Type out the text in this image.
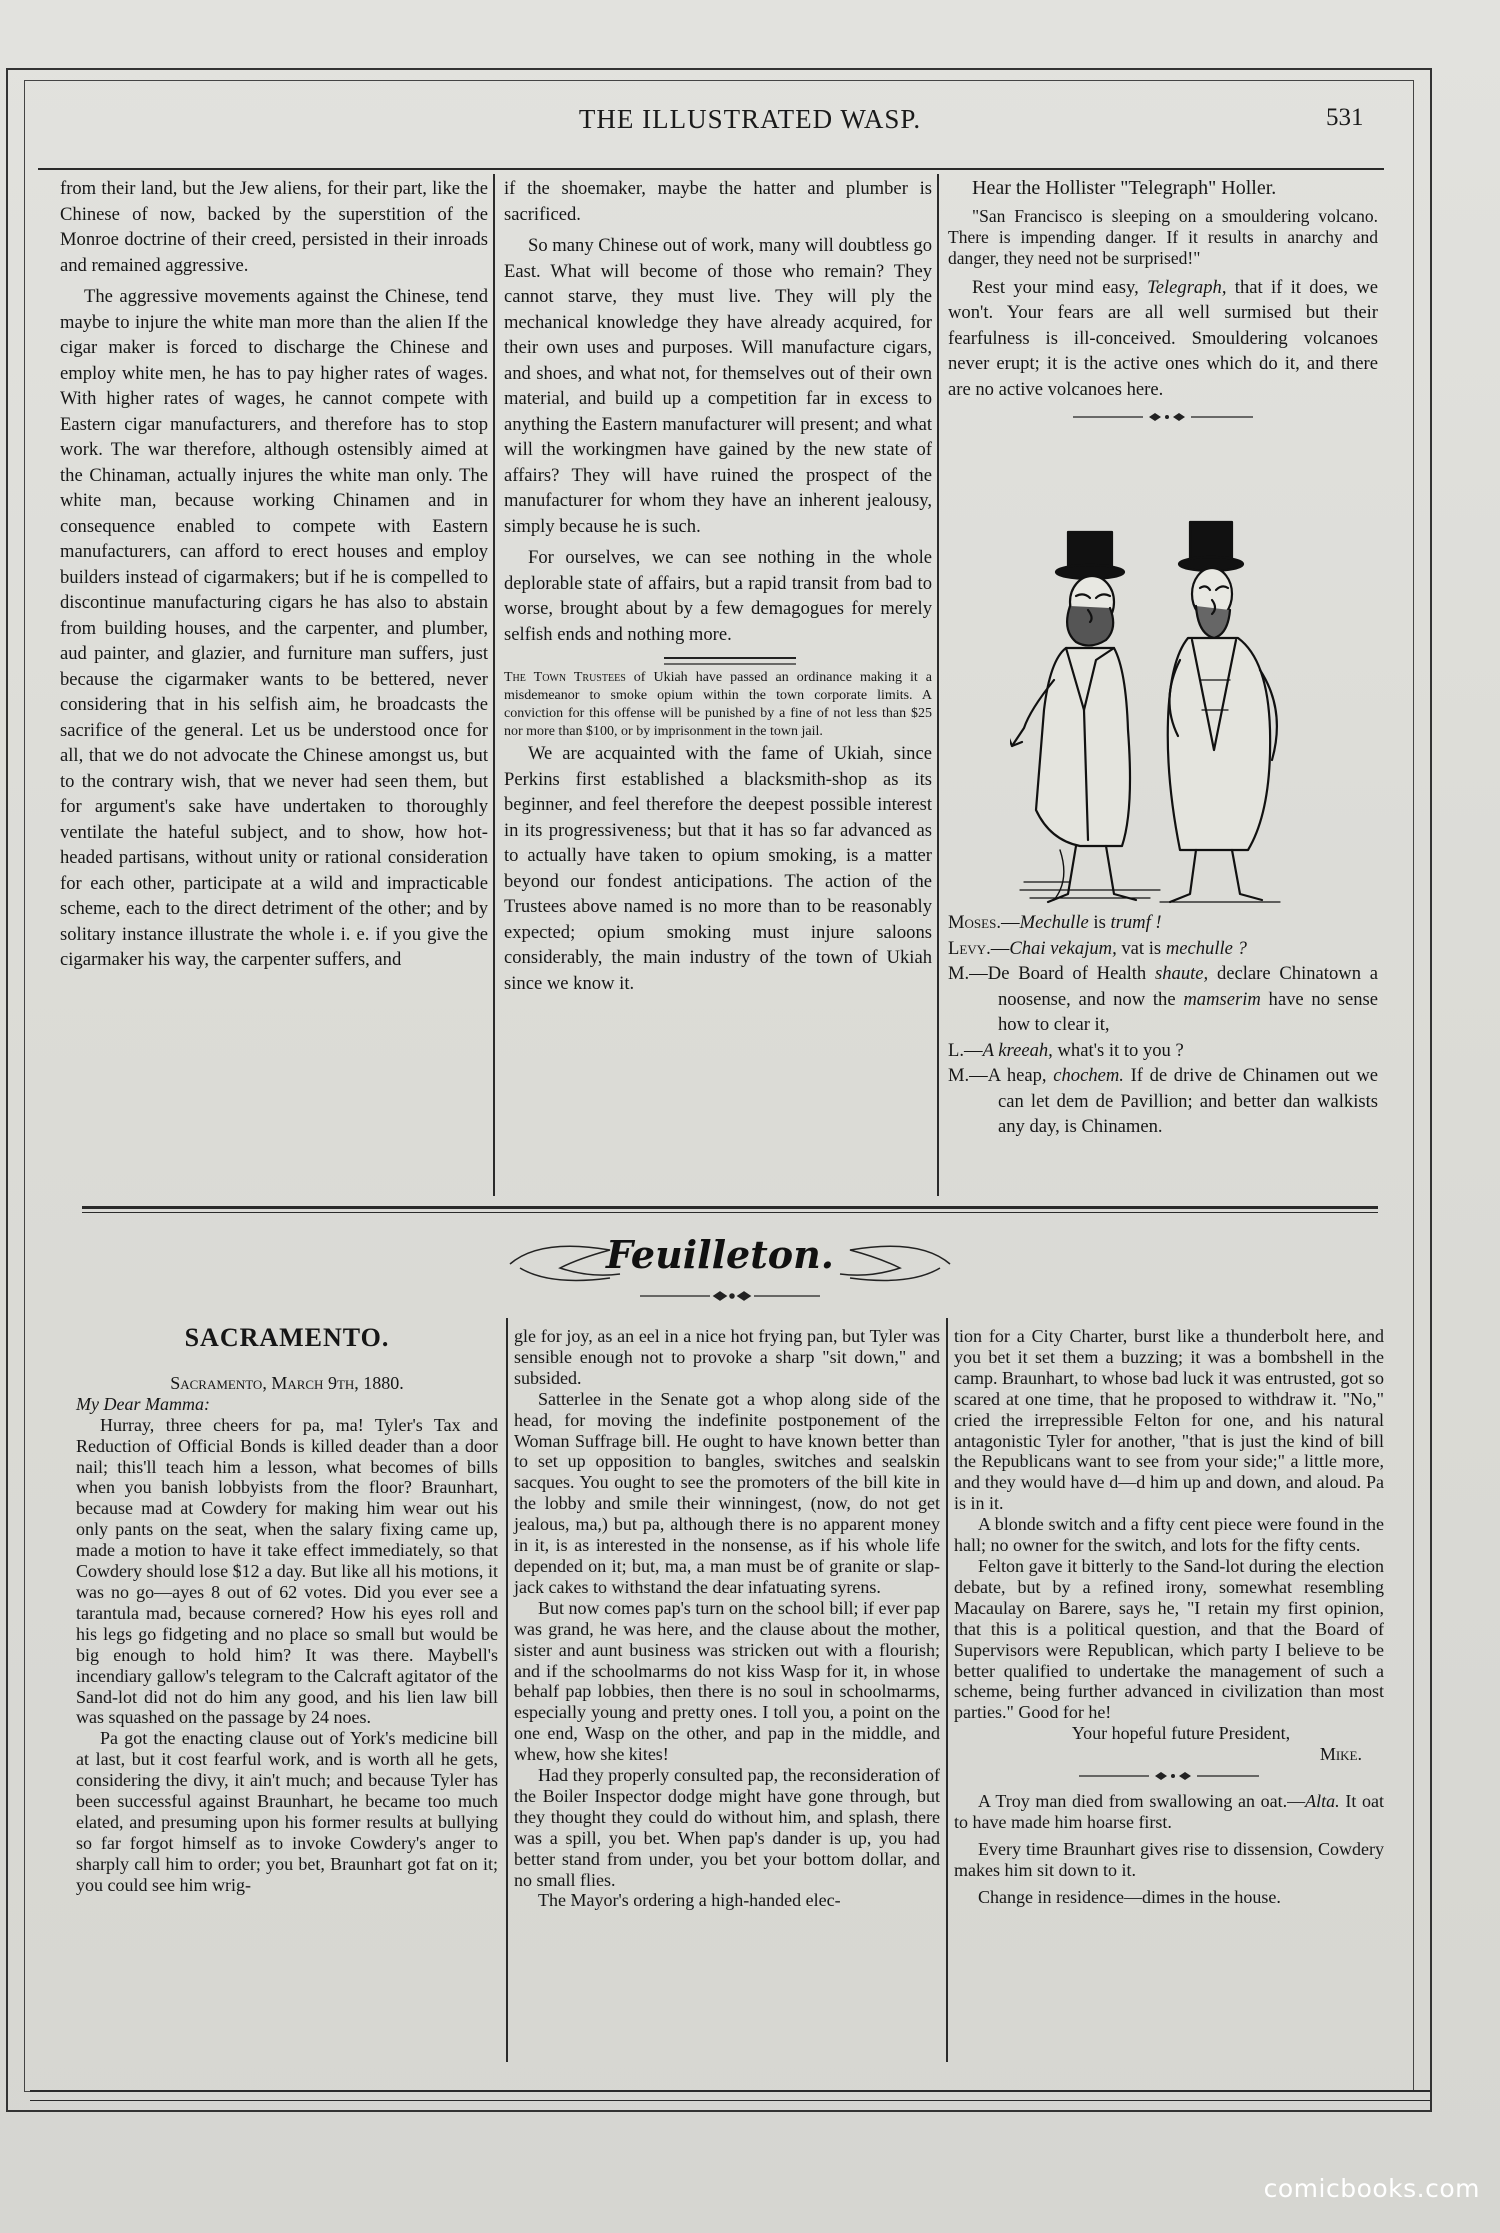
THE ILLUSTRATED WASP.	531

from their land, but the Jew aliens, for their part, like the Chinese of now, backed by the superstition of the Monroe doctrine of their creed, persisted in their inroads and remained aggressive.

The aggressive movements against the Chinese, tend maybe to injure the white man more than the alien If the cigar maker is forced to discharge the Chinese and employ white men, he has to pay higher rates of wages. With higher rates of wages, he cannot compete with Eastern cigar manufacturers, and therefore has to stop work. The war therefore, although ostensibly aimed at the Chinaman, actually injures the white man only. The white man, because working Chinamen and in consequence enabled to compete with Eastern manufacturers, can afford to erect houses and employ builders instead of cigarmakers; but if he is compelled to discontinue manufacturing cigars he has also to abstain from building houses, and the carpenter, and plumber, aud painter, and glazier, and furniture man suffers, just because the cigarmaker wants to be bettered, never considering that in his selfish aim, he broadcasts the sacrifice of the general. Let us be understood once for all, that we do not advocate the Chinese amongst us, but to the contrary wish, that we never had seen them, but for argument's sake have undertaken to thoroughly ventilate the hateful subject, and to show, how hot-headed partisans, without unity or rational consideration for each other, participate at a wild and impracticable scheme, each to the direct detriment of the other; and by solitary instance illustrate the whole i. e. if you give the cigarmaker his way, the carpenter suffers, and

if the shoemaker, maybe the hatter and plumber is sacrificed.

So many Chinese out of work, many will doubtless go East. What will become of those who remain? They cannot starve, they must live. They will ply the mechanical knowledge they have already acquired, for their own uses and purposes. Will manufacture cigars, and shoes, and what not, for themselves out of their own material, and build up a competition far in excess to anything the Eastern manufacturer will present; and what will the workingmen have gained by the new state of affairs? They will have ruined the prospect of the manufacturer for whom they have an inherent jealousy, simply because he is such.

For ourselves, we can see nothing in the whole deplorable state of affairs, but a rapid transit from bad to worse, brought about by a few demagogues for merely selfish ends and nothing more.

The Town Trustees of Ukiah have passed an ordinance making it a misdemeanor to smoke opium within the town corporate limits. A conviction for this offense will be punished by a fine of not less than $25 nor more than $100, or by imprisonment in the town jail.

We are acquainted with the fame of Ukiah, since Perkins first established a blacksmith-shop as its beginner, and feel therefore the deepest possible interest in its progressiveness; but that it has so far advanced as to actually have taken to opium smoking, is a matter beyond our fondest anticipations. The action of the Trustees above named is no more than to be reasonably expected; opium smoking must injure saloons considerably, the main industry of the town of Ukiah since we know it.

Hear the Hollister "Telegraph" Holler.

"San Francisco is sleeping on a smouldering volcano. There is impending danger. If it results in anarchy and danger, they need not be surprised!"

Rest your mind easy, Telegraph, that if it does, we won't. Your fears are all well surmised but their fearfulness is ill-conceived. Smouldering volcanoes never erupt; it is the active ones which do it, and there are no active volcanoes here.

Moses.—Mechulle is trumf !

Levy.—Chai vekajum, vat is mechulle ?

M.—De Board of Health shaute, declare Chinatown a noosense, and now the mamserim have no sense how to clear it,

L.—A kreeah, what's it to you ?

M.—A heap, chochem. If de drive de Chinamen out we can let dem de Pavillion; and better dan walkists any day, is Chinamen.

Feuilleton.
SACRAMENTO.

Sacramento, March 9th, 1880.

My Dear Mamma:

Hurray, three cheers for pa, ma! Tyler's Tax and Reduction of Official Bonds is killed deader than a door nail; this'll teach him a lesson, what becomes of bills when you banish lobbyists from the floor? Braunhart, because mad at Cowdery for making him wear out his only pants on the seat, when the salary fixing came up, made a motion to have it take effect immediately, so that Cowdery should lose $12 a day. But like all his motions, it was no go—ayes 8 out of 62 votes. Did you ever see a tarantula mad, because cornered? How his eyes roll and his legs go fidgeting and no place so small but would be big enough to hold him? It was there. Maybell's incendiary gallow's telegram to the Calcraft agitator of the Sand-lot did not do him any good, and his lien law bill was squashed on the passage by 24 noes.

Pa got the enacting clause out of York's medicine bill at last, but it cost fearful work, and is worth all he gets, considering the divy, it ain't much; and because Tyler has been successful against Braunhart, he became too much elated, and presuming upon his former results at bullying so far forgot himself as to invoke Cowdery's anger to sharply call him to order; you bet, Braunhart got fat on it; you could see him wrig-

gle for joy, as an eel in a nice hot frying pan, but Tyler was sensible enough not to provoke a sharp "sit down," and subsided.

Satterlee in the Senate got a whop along side of the head, for moving the indefinite postponement of the Woman Suffrage bill. He ought to have known better than to set up opposition to bangles, switches and sealskin sacques. You ought to see the promoters of the bill kite in the lobby and smile their winningest, (now, do not get jealous, ma,) but pa, although there is no apparent money in it, is as interested in the nonsense, as if his whole life depended on it; but, ma, a man must be of granite or slap-jack cakes to withstand the dear infatuating syrens.

But now comes pap's turn on the school bill; if ever pap was grand, he was here, and the clause about the mother, sister and aunt business was stricken out with a flourish; and if the schoolmarms do not kiss Wasp for it, in whose behalf pap lobbies, then there is no soul in schoolmarms, especially young and pretty ones. I toll you, a point on the one end, Wasp on the other, and pap in the middle, and whew, how she kites!

Had they properly consulted pap, the reconsideration of the Boiler Inspector dodge might have gone through, but they thought they could do without him, and splash, there was a spill, you bet. When pap's dander is up, you had better stand from under, you bet your bottom dollar, and no small flies.

The Mayor's ordering a high-handed elec-

tion for a City Charter, burst like a thunderbolt here, and you bet it set them a buzzing; it was a bombshell in the camp. Braunhart, to whose bad luck it was entrusted, got so scared at one time, that he proposed to withdraw it. "No," cried the irrepressible Felton for one, and his natural antagonistic Tyler for another, "that is just the kind of bill the Republicans want to see from your side;" a little more, and they would have d—d him up and down, and aloud. Pa is in it.

A blonde switch and a fifty cent piece were found in the hall; no owner for the switch, and lots for the fifty cents.

Felton gave it bitterly to the Sand-lot during the election debate, but by a refined irony, somewhat resembling Macaulay on Barere, says he, "I retain my first opinion, that this is a political question, and that the Board of Supervisors were Republican, which party I believe to be better qualified to undertake the management of such a scheme, being further advanced in civilization than most parties." Good for he!

Your hopeful future President,

Mike.

A Troy man died from swallowing an oat.—Alta. It oat to have made him hoarse first.

Every time Braunhart gives rise to dissension, Cowdery makes him sit down to it.

Change in residence—dimes in the house.

comicbooks.com
